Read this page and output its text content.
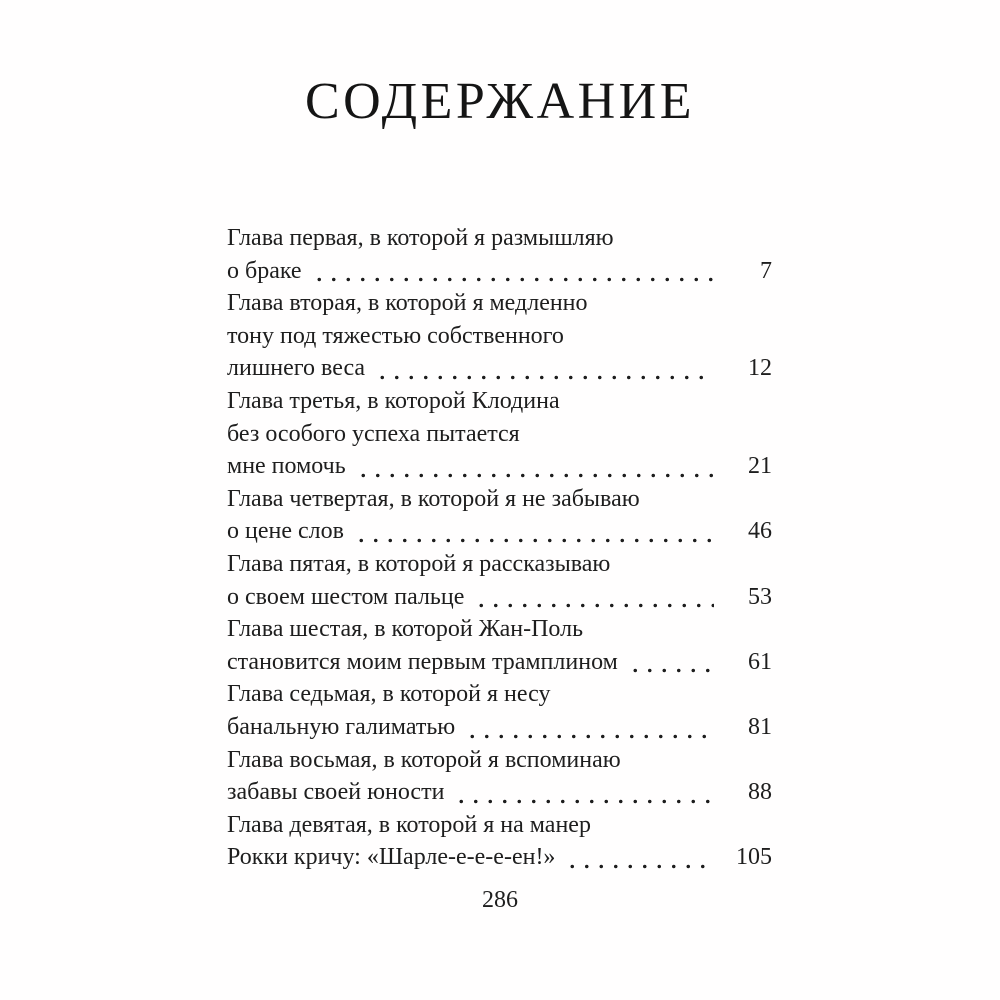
СОДЕРЖАНИЕ
Глава первая, в которой я размышляю
о браке	7
Глава вторая, в которой я медленно
тону под тяжестью собственного
лишнего веса	12
Глава третья, в которой Клодина
без особого успеха пытается
мне помочь	21
Глава четвертая, в которой я не забываю
о цене слов	46
Глава пятая, в которой я рассказываю
о своем шестом пальце	53
Глава шестая, в которой Жан-Поль
становится моим первым трамплином	61
Глава седьмая, в которой я несу
банальную галиматью	81
Глава восьмая, в которой я вспоминаю
забавы своей юности	88
Глава девятая, в которой я на манер
Рокки кричу: «Шарле-е-е-е-ен!»	105
286
